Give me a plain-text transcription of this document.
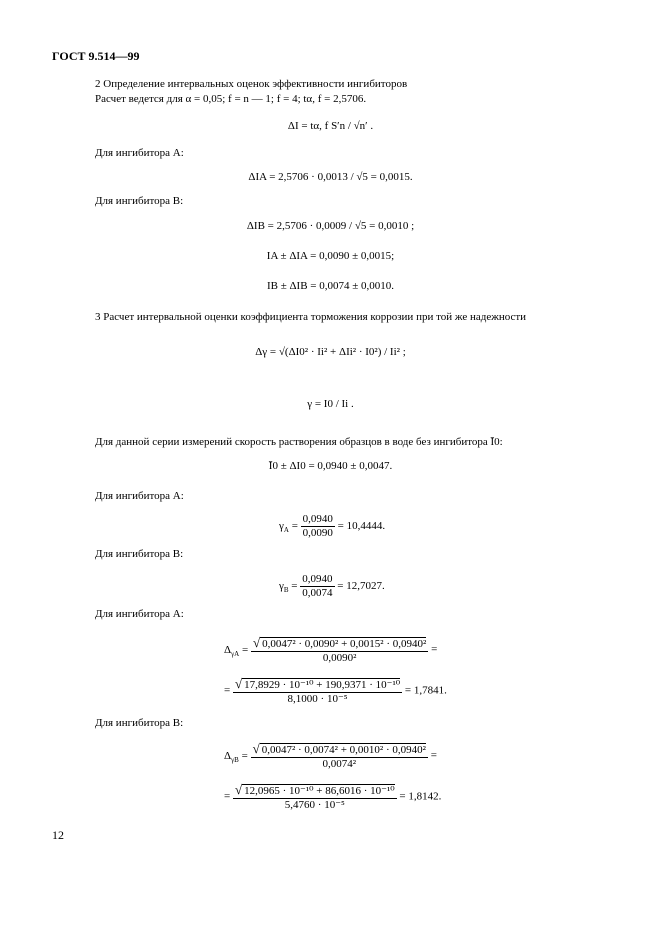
ГОСТ 9.514—99
2 Определение интервальных оценок эффективности ингибиторов
Расчет ведется для α = 0,05; f = n — 1; f = 4; tα, f = 2,5706.
ΔI = tα, f S′n / √n′ .
Для ингибитора A:
ΔIA = 2,5706 · 0,0013 / √5 = 0,0015.
Для ингибитора B:
ΔIB = 2,5706 · 0,0009 / √5 = 0,0010 ;
IA ± ΔIA = 0,0090 ± 0,0015;
IB ± ΔIB = 0,0074 ± 0,0010.
3 Расчет интервальной оценки коэффициента торможения коррозии при той же надежности
Δγ = √(ΔI0² · Ii² + ΔIi² · I0²) / Ii² ;
γ = I0 / Ii .
Для данной серии измерений скорость растворения образцов в воде без ингибитора Ī0:
Ī0 ± ΔI0 = 0,0940 ± 0,0047.
Для ингибитора A:
$\gamma_A = \frac{0,0940}{0,0090} = 10,4444$.
Для ингибитора B:
$\gamma_B = \frac{0,0940}{0,0074} = 12,7027$.
Для ингибитора A:
$\Delta_{\gamma A} = \frac{\text{√ 0,0047² · 0,0090² + 0,0015² · 0,0940²}}{\text{0,0090²}}$ =
= $\frac{\text{√ 17,8929 · 10⁻¹⁰ + 190,9371 · 10⁻¹⁰}}{\text{8,1000 · 10⁻⁵}} = 1,7841$.
Для ингибитора B:
$\Delta_{\gamma B} = \frac{\text{√ 0,0047² · 0,0074² + 0,0010² · 0,0940²}}{\text{0,0074²}}$ =
= $\frac{\text{√ 12,0965 · 10⁻¹⁰ + 86,6016 · 10⁻¹⁰}}{\text{5,4760 · 10⁻⁵}} = 1,8142$.
12
